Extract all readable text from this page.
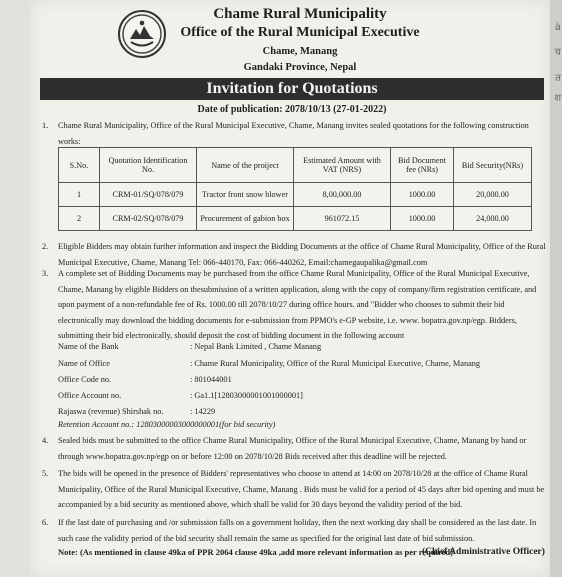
à
च
त
श
Chame Rural Municipality
Office of the Rural Municipal Executive
Chame, Manang
Gandaki Province, Nepal
Invitation for Quotations
Date of publication: 2078/10/13 (27-01-2022)
1. Chame Rural Municipality, Office of the Rural Municipal Executive, Chame, Manang invites sealed quotations for the following construction works:
S.No.	Quotation Identification No.	Name of the proiject	Estimated Amount with VAT (NRS)	Bid Document fee (NRs)	Bid Security(NRs)
1	CRM-01/SQ/078/079	Tractor front snow blower	8,00,000.00	1000.00	20,000.00
2	CRM-02/SQ/078/079	Procurement of gabion box	961072.15	1000.00	24,000.00
2. Eligible Bidders may obtain further information and inspect the Bidding Documents at the office of Chame Rural Municipality, Office of the Rural Municipal Executive, Chame, Manang Tel: 066-440170, Fax: 066-440262, Email:chamegaupalika@gmail.com
3. A complete set of Bidding Documents may be purchased from the office Chame Rural Municipality, Office of the Rural Municipal Executive, Chame, Manang by eligible Bidders on thesubmission of a written application, along with the copy of company/firm registration certificate, and upon payment of a non-refundable fee of Rs. 1000.00 till 2078/10/27 during office hours. and "Bidder who chooses to submit their bid electronically may download the bidding documents for e-submission from PPMO's e-GP website, i.e. www. bopatra.gov.np/egp. Bidders, submitting their bid electronically, should deposit the cost of bidding document in the following account
Name of the Bank	: Nepal Bank Limited , Chame Manang
Name of Office	: Chame Rural Municipality, Office of the Rural Municipal Executive, Chame, Manang
Office Code no.	: 801044001
Office Account no.	: Ga1.1[12803000001001000001]
Rajaswa (revenue) Shirshak no.	: 14229
Retention Account no.: 12803000003000000001(for bid security)
4. Sealed bids must be submitted to the office Chame Rural Municipality, Office of the Rural Municipal Executive, Chame, Manang by hand or through www.bopatra.gov.np/egp on or before 12:00 on 2078/10/28 Bids received after this deadline will be rejected.
5. The bids will be opened in the presence of Bidders' representatives who choose to attend at 14:00 on 2078/10/28 at the office of Chame Rural Municipality, Office of the Rural Municipal Executive, Chame, Manang . Bids must be valid for a period of 45 days after bid opening and must be accompanied by a bid security as mentioned above, which shall be valid for 30 days beyond the validity period of the bid.
6. If the last date of purchasing and /or submission falls on a government holiday, then the next working day shall be considered as the last date. In such case the validity period of the bid security shall remain the same as specified for the original last date of bid submission.
Note: (As mentioned in clause 49ka of PPR 2064 clause 49ka ,add more relevant information as per required)
(Chief Administrative Officer)
